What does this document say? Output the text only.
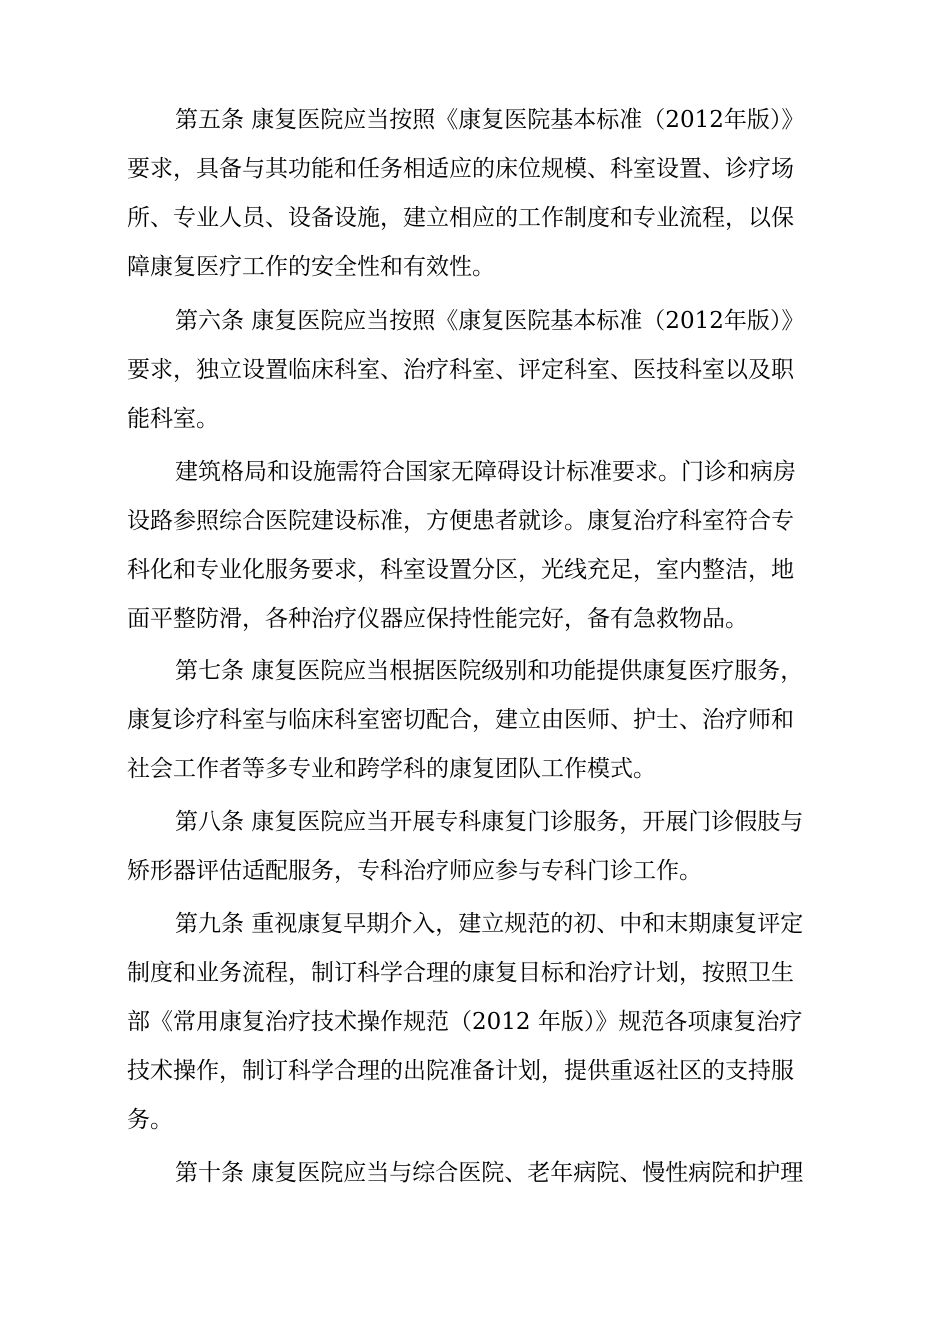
第五条 康复医院应当按照《康复医院基本标准（2012年版）》
要求，具备与其功能和任务相适应的床位规模、科室设置、诊疗场
所、专业人员、设备设施，建立相应的工作制度和专业流程，以保
障康复医疗工作的安全性和有效性。
第六条 康复医院应当按照《康复医院基本标准（2012年版）》
要求，独立设置临床科室、治疗科室、评定科室、医技科室以及职
能科室。
建筑格局和设施需符合国家无障碍设计标准要求。门诊和病房
设路参照综合医院建设标准，方便患者就诊。康复治疗科室符合专
科化和专业化服务要求，科室设置分区，光线充足，室内整洁，地
面平整防滑，各种治疗仪器应保持性能完好，备有急救物品。
第七条 康复医院应当根据医院级别和功能提供康复医疗服务，
康复诊疗科室与临床科室密切配合，建立由医师、护士、治疗师和
社会工作者等多专业和跨学科的康复团队工作模式。
第八条 康复医院应当开展专科康复门诊服务，开展门诊假肢与
矫形器评估适配服务，专科治疗师应参与专科门诊工作。
第九条 重视康复早期介入，建立规范的初、中和末期康复评定
制度和业务流程，制订科学合理的康复目标和治疗计划，按照卫生
部《常用康复治疗技术操作规范（2012 年版）》规范各项康复治疗
技术操作，制订科学合理的出院准备计划，提供重返社区的支持服
务。
第十条 康复医院应当与综合医院、老年病院、慢性病院和护理
